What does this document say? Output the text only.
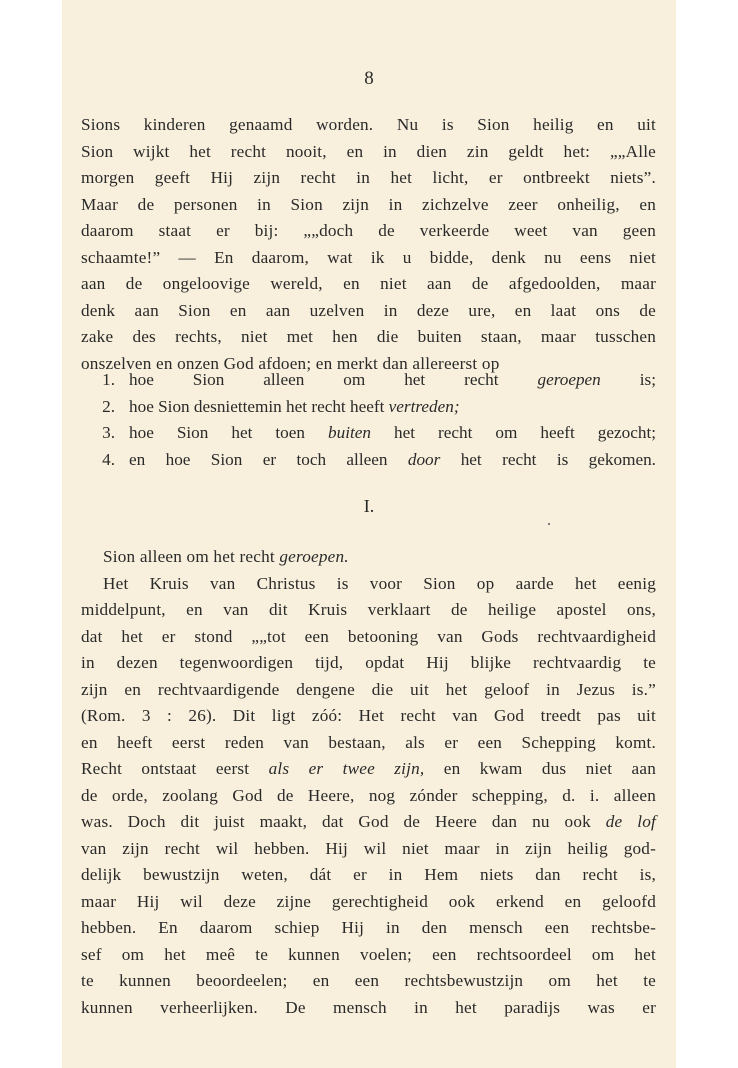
8
Sions kinderen genaamd worden. Nu is Sion heilig en uit
Sion wijkt het recht nooit, en in dien zin geldt het: „„Alle
morgen geeft Hij zijn recht in het licht, er ontbreekt niets”.
Maar de personen in Sion zijn in zichzelve zeer onheilig, en
daarom staat er bij: „„doch de verkeerde weet van geen
schaamte!” — En daarom, wat ik u bidde, denk nu eens niet
aan de ongeloovige wereld, en niet aan de afgedoolden, maar
denk aan Sion en aan uzelven in deze ure, en laat ons de
zake des rechts, niet met hen die buiten staan, maar tusschen
onszelven en onzen God afdoen; en merkt dan allereerst op
1. hoe Sion alleen om het recht geroepen is;
2. hoe Sion desniettemin het recht heeft vertreden;
3. hoe Sion het toen buiten het recht om heeft gezocht;
4. en hoe Sion er toch alleen door het recht is gekomen.
I.
Sion alleen om het recht geroepen.
Het Kruis van Christus is voor Sion op aarde het eenig
middelpunt, en van dit Kruis verklaart de heilige apostel ons,
dat het er stond „„tot een betooning van Gods rechtvaardigheid
in dezen tegenwoordigen tijd, opdat Hij blijke rechtvaardig te
zijn en rechtvaardigende dengene die uit het geloof in Jezus is.”
(Rom. 3 : 26). Dit ligt zóó: Het recht van God treedt pas uit
en heeft eerst reden van bestaan, als er een Schepping komt.
Recht ontstaat eerst als er twee zijn, en kwam dus niet aan
de orde, zoolang God de Heere, nog zónder schepping, d. i. alleen
was. Doch dit juist maakt, dat God de Heere dan nu ook de lof
van zijn recht wil hebben. Hij wil niet maar in zijn heilig god-
delijk bewustzijn weten, dát er in Hem niets dan recht is,
maar Hij wil deze zijne gerechtigheid ook erkend en geloofd
hebben. En daarom schiep Hij in den mensch een rechtsbe-
sef om het meê te kunnen voelen; een rechtsoordeel om het
te kunnen beoordeelen; en een rechtsbewustzijn om het te
kunnen verheerlijken. De mensch in het paradijs was er
